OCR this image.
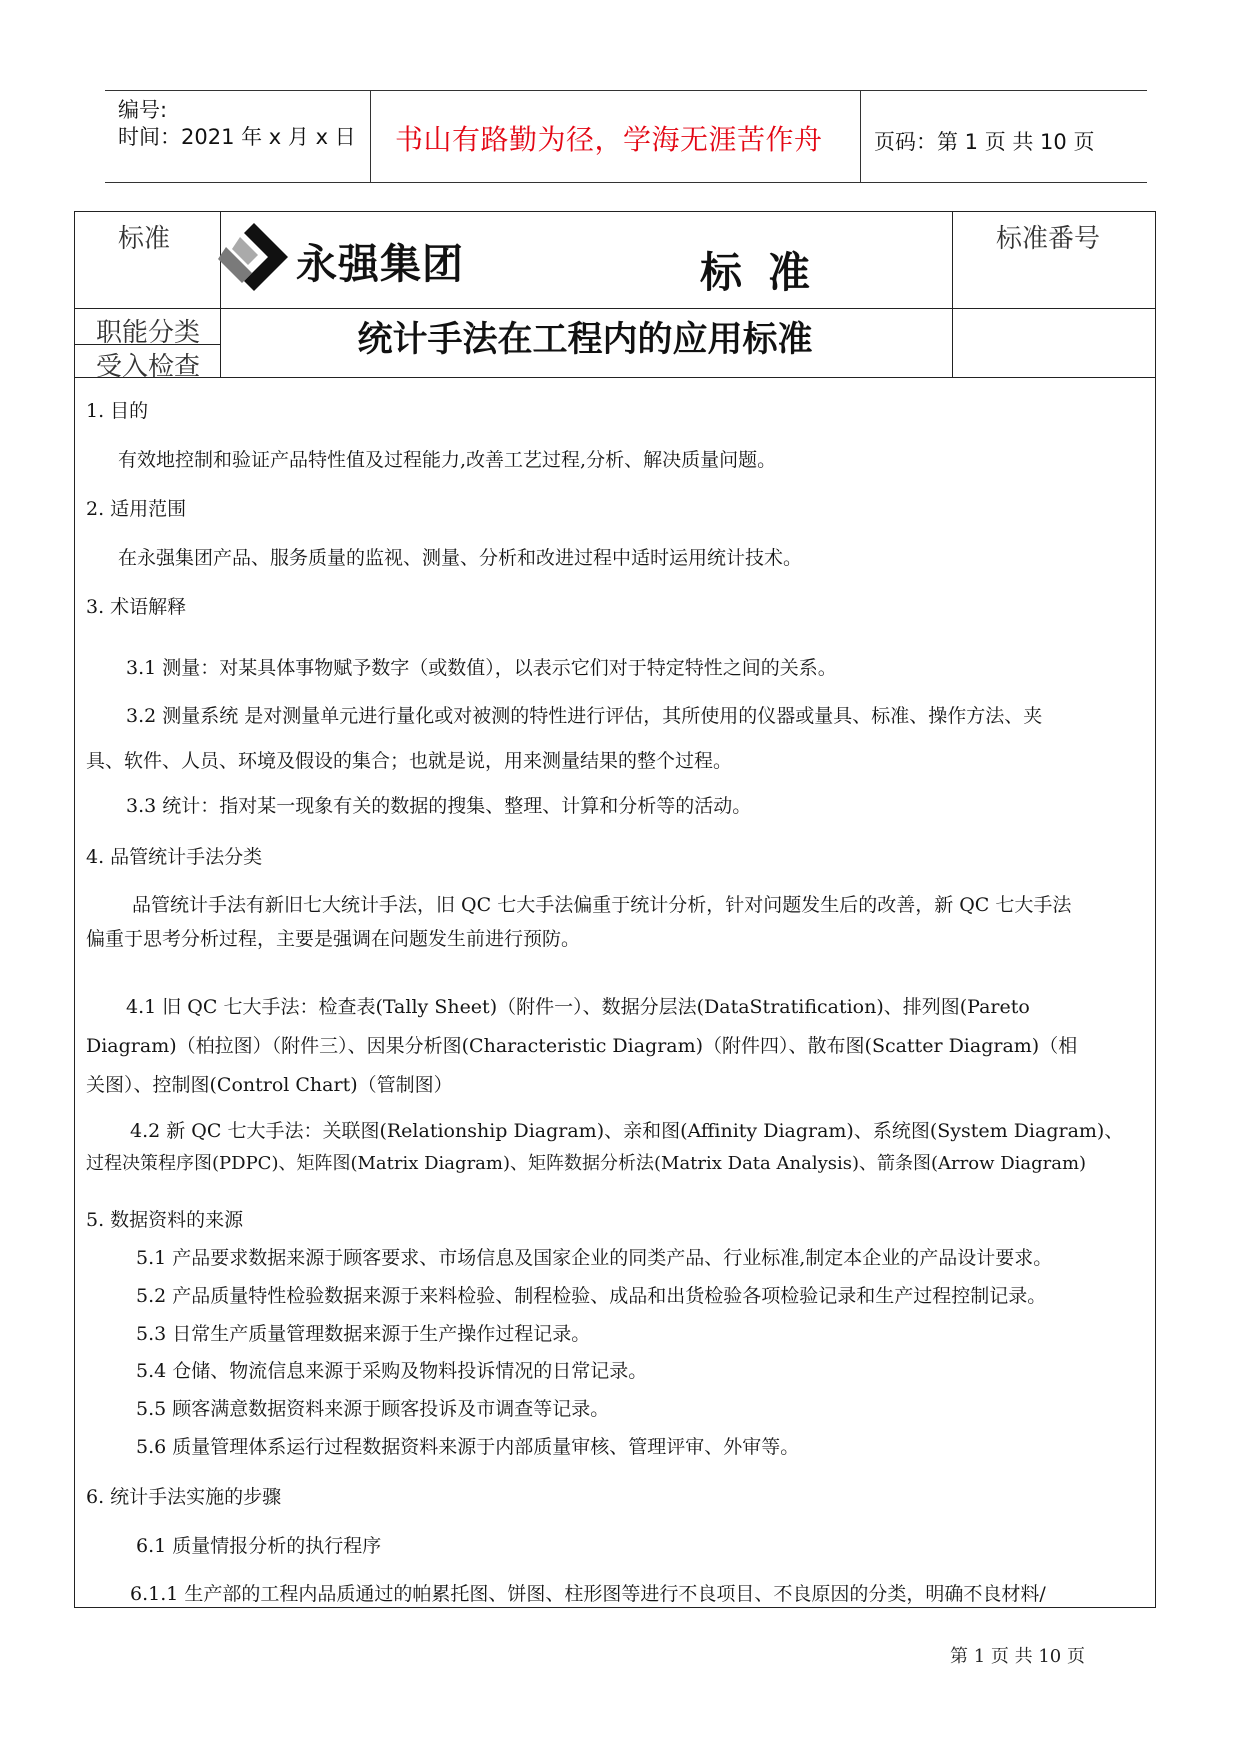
编号:
时间：2021 年 x 月 x 日 书山有路勤为径，学海无涯苦作舟 页码：第 1 页 共 10 页
标准	标准番号
职能分类
受入检查
永强集团	标准
统计手法在工程内的应用标准
1. 目的
有效地控制和验证产品特性值及过程能力,改善工艺过程,分析、解决质量问题。
2. 适用范围
在永强集团产品、服务质量的监视、测量、分析和改进过程中适时运用统计技术。
3. 术语解释
3.1 测量：对某具体事物赋予数字（或数值），以表示它们对于特定特性之间的关系。
3.2 测量系统 是对测量单元进行量化或对被测的特性进行评估，其所使用的仪器或量具、标准、操作方法、夹
具、软件、人员、环境及假设的集合；也就是说，用来测量结果的整个过程。
3.3 统计：指对某一现象有关的数据的搜集、整理、计算和分析等的活动。
4. 品管统计手法分类
品管统计手法有新旧七大统计手法，旧 QC 七大手法偏重于统计分析，针对问题发生后的改善，新 QC 七大手法
偏重于思考分析过程，主要是强调在问题发生前进行预防。
4.1 旧 QC 七大手法：检查表(Tally Sheet)（附件一）、数据分层法(DataStratification)、排列图(Pareto
Diagram)（柏拉图）（附件三）、因果分析图(Characteristic Diagram)（附件四）、散布图(Scatter Diagram)（相
关图）、控制图(Control Chart)（管制图）
4.2 新 QC 七大手法：关联图(Relationship Diagram)、亲和图(Affinity Diagram)、系统图(System Diagram)、
过程决策程序图(PDPC)、矩阵图(Matrix Diagram)、矩阵数据分析法(Matrix Data Analysis)、箭条图(Arrow Diagram)
5. 数据资料的来源
5.1 产品要求数据来源于顾客要求、市场信息及国家企业的同类产品、行业标准,制定本企业的产品设计要求。
5.2 产品质量特性检验数据来源于来料检验、制程检验、成品和出货检验各项检验记录和生产过程控制记录。
5.3 日常生产质量管理数据来源于生产操作过程记录。
5.4 仓储、物流信息来源于采购及物料投诉情况的日常记录。
5.5 顾客满意数据资料来源于顾客投诉及市调查等记录。
5.6 质量管理体系运行过程数据资料来源于内部质量审核、管理评审、外审等。
6. 统计手法实施的步骤
6.1 质量情报分析的执行程序
6.1.1 生产部的工程内品质通过的帕累托图、饼图、柱形图等进行不良项目、不良原因的分类，明确不良材料/
第 1 页 共 10 页
